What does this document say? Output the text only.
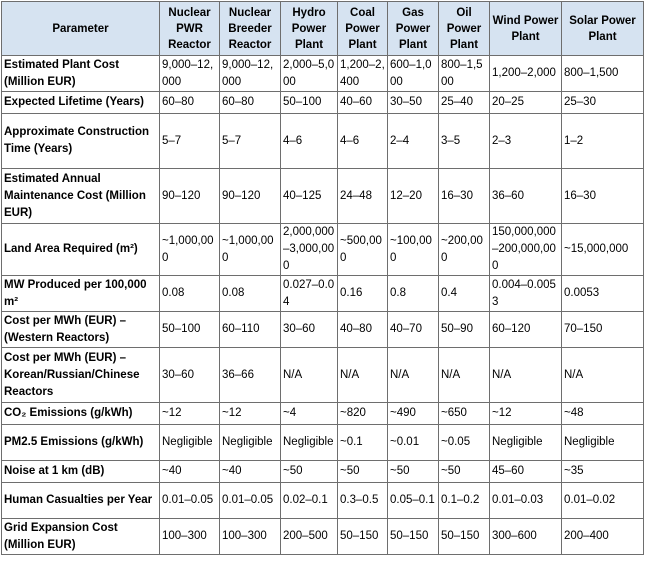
Parameter	Nuclear PWR Reactor	Nuclear Breeder Reactor	Hydro Power Plant	Coal Power Plant	Gas Power Plant	Oil Power Plant	Wind Power Plant	Solar Power Plant
Estimated Plant Cost (Million EUR)	9,000–12,000	9,000–12,000	2,000–5,000	1,200–2,400	600–1,000	800–1,500	1,200–2,000	800–1,500
Expected Lifetime (Years)	60–80	60–80	50–100	40–60	30–50	25–40	20–25	25–30
Approximate Construction Time (Years)	5–7	5–7	4–6	4–6	2–4	3–5	2–3	1–2
Estimated Annual Maintenance Cost (Million EUR)	90–120	90–120	40–125	24–48	12–20	16–30	36–60	16–30
Land Area Required (m²)	~1,000,000	~1,000,000	2,000,000–3,000,000	~500,000	~100,000	~200,000	150,000,000–200,000,000	~15,000,000
MW Produced per 100,000 m²	0.08	0.08	0.027–0.04	0.16	0.8	0.4	0.004–0.0053	0.0053
Cost per MWh (EUR) – (Western Reactors)	50–100	60–110	30–60	40–80	40–70	50–90	60–120	70–150
Cost per MWh (EUR) – Korean/Russian/Chinese Reactors	30–60	36–66	N/A	N/A	N/A	N/A	N/A	N/A
CO₂ Emissions (g/kWh)	~12	~12	~4	~820	~490	~650	~12	~48
PM2.5 Emissions (g/kWh)	Negligible	Negligible	Negligible	~0.1	~0.01	~0.05	Negligible	Negligible
Noise at 1 km (dB)	~40	~40	~50	~50	~50	~50	45–60	~35
Human Casualties per Year	0.01–0.05	0.01–0.05	0.02–0.1	0.3–0.5	0.05–0.1	0.1–0.2	0.01–0.03	0.01–0.02
Grid Expansion Cost (Million EUR)	100–300	100–300	200–500	50–150	50–150	50–150	300–600	200–400
